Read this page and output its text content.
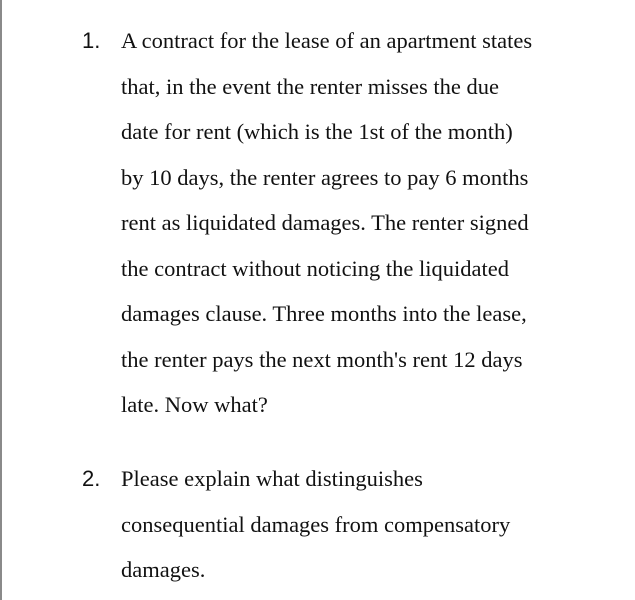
1. A contract for the lease of an apartment states
that, in the event the renter misses the due
date for rent (which is the 1st of the month)
by 10 days, the renter agrees to pay 6 months
rent as liquidated damages. The renter signed
the contract without noticing the liquidated
damages clause. Three months into the lease,
the renter pays the next month's rent 12 days
late. Now what?
2. Please explain what distinguishes
consequential damages from compensatory
damages.
